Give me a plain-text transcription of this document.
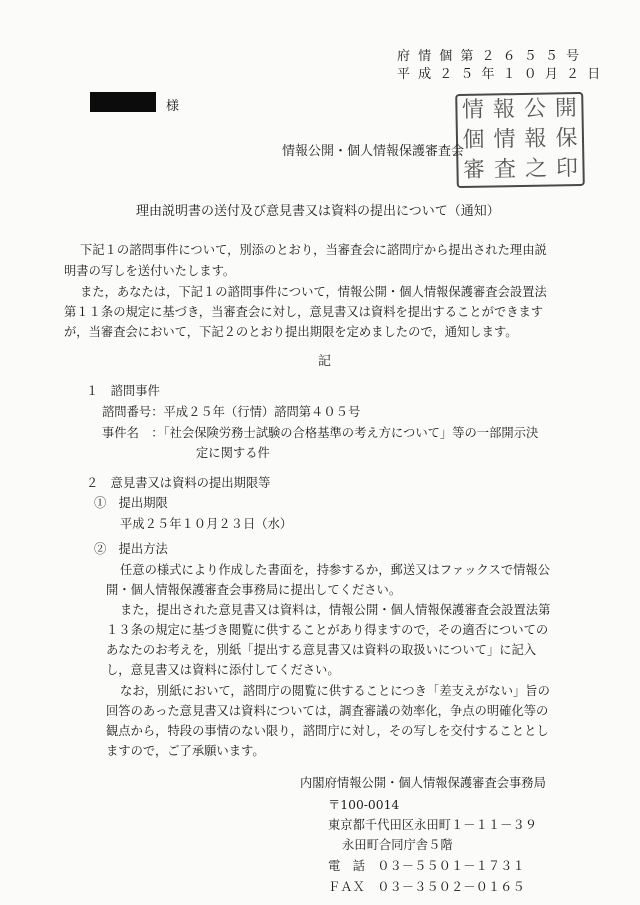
府 情 個 第 ２ ６ ５ ５ 号

平 成 ２ ５ 年 １ ０ 月 ２ 日

様

情報公開・個人情報保護審査会

情 報 公 開
個 情 報 保
審 査 之 印

理由説明書の送付及び意見書又は資料の提出について（通知）

下記１の諮問事件について，別添のとおり，当審査会に諮問庁から提出された理由説

明書の写しを送付いたします。

また，あなたは，下記１の諮問事件について，情報公開・個人情報保護審査会設置法

第１１条の規定に基づき，当審査会に対し，意見書又は資料を提出することができます

が，当審査会において，下記２のとおり提出期限を定めましたので，通知します。

記

１　諮問事件

諮問番号：平成２５年（行情）諮問第４０５号

事件名　：「社会保険労務士試験の合格基準の考え方について」等の一部開示決

定に関する件

２　意見書又は資料の提出期限等

①　提出期限

平成２５年１０月２３日（水）

②　提出方法

任意の様式により作成した書面を，持参するか，郵送又はファックスで情報公

開・個人情報保護審査会事務局に提出してください。

また，提出された意見書又は資料は，情報公開・個人情報保護審査会設置法第

１３条の規定に基づき閲覧に供することがあり得ますので，その適否についての

あなたのお考えを，別紙「提出する意見書又は資料の取扱いについて」に記入

し，意見書又は資料に添付してください。

なお，別紙において，諮問庁の閲覧に供することにつき「差支えがない」旨の

回答のあった意見書又は資料については，調査審議の効率化，争点の明確化等の

観点から，特段の事情のない限り，諮問庁に対し，その写しを交付することとし

ますので，ご了承願います。

内閣府情報公開・個人情報保護審査会事務局

〒100-0014

東京都千代田区永田町１－１１－３９

永田町合同庁舎５階

電　話　０３－５５０１－１７３１

ＦＡＸ　０３－３５０２－０１６５
